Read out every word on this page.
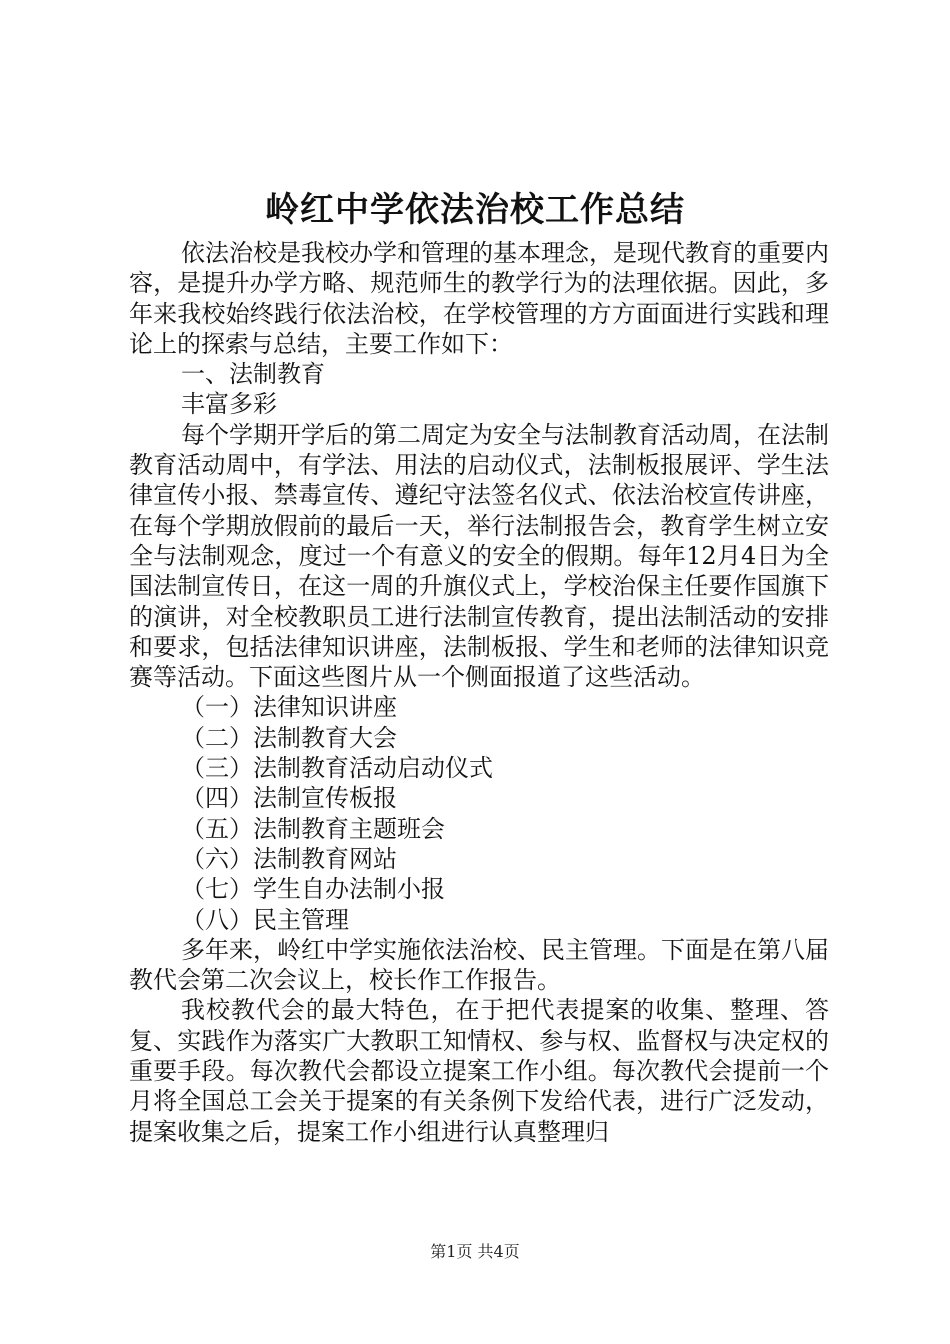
岭红中学依法治校工作总结

依法治校是我校办学和管理的基本理念，是现代教育的重要内容，是提升办学方略、规范师生的教学行为的法理依据。因此，多年来我校始终践行依法治校，在学校管理的方方面面进行实践和理论上的探索与总结，主要工作如下：

一、法制教育

丰富多彩

每个学期开学后的第二周定为安全与法制教育活动周，在法制教育活动周中，有学法、用法的启动仪式，法制板报展评、学生法律宣传小报、禁毒宣传、遵纪守法签名仪式、依法治校宣传讲座，在每个学期放假前的最后一天，举行法制报告会，教育学生树立安全与法制观念，度过一个有意义的安全的假期。每年12月4日为全国法制宣传日，在这一周的升旗仪式上，学校治保主任要作国旗下的演讲，对全校教职员工进行法制宣传教育，提出法制活动的安排和要求，包括法律知识讲座，法制板报、学生和老师的法律知识竞赛等活动。下面这些图片从一个侧面报道了这些活动。

（一）法律知识讲座

（二）法制教育大会

（三）法制教育活动启动仪式

（四）法制宣传板报

（五）法制教育主题班会

（六）法制教育网站

（七）学生自办法制小报

（八）民主管理

多年来，岭红中学实施依法治校、民主管理。下面是在第八届教代会第二次会议上，校长作工作报告。

我校教代会的最大特色，在于把代表提案的收集、整理、答复、实践作为落实广大教职工知情权、参与权、监督权与决定权的重要手段。每次教代会都设立提案工作小组。每次教代会提前一个月将全国总工会关于提案的有关条例下发给代表，进行广泛发动，提案收集之后，提案工作小组进行认真整理归

第1页 共4页
